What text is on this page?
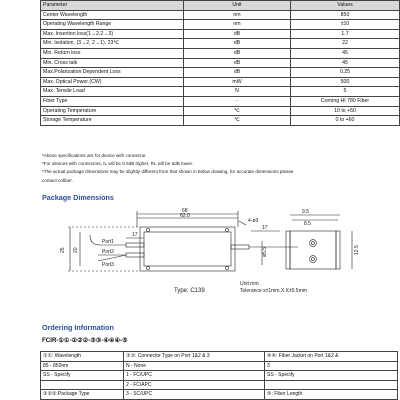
Parameter	Unit	Values
Center Wavelength	nm	850
Operating Wavelength Range	nm	±10
Max. Insertion loss(1→2,2→3)	dB	1.7
Min. Isolation, (3→2, 2→1), 23℃	dB	22
Min. Return loss	dB	45
Min. Cross talk	dB	45
Max.Polarization Dependent Loss	dB	0.25
Max. Optical Power (CW)	mW	500
Max. Tensile Load	N	5
Fiber Type	-	Corning HI 780 Fiber
Operating Temperature	℃	10 to +50
Storage Temperature	℃	0 to +60
*Above specifications are for device with connector.
*For devices with connectors, IL will be 0.5dB higher, RL will be 5dB lower.
*The actual package dimensions may be slightly different from that shown in below drawing, for accurate dimensions please
contact cofiber.
Package Dimensions
68
62.0
25 20
17
4-ø3
17
ø5.5
Port1
Port2
Port3
9.5
8.5
12.5
Type: C139
Unit:mm
Tolerance:x±1mm,X.X±0.5mm
Ordering Information
FCIR-①①-②②②-③③-④④④-⑤
①①: Wavelength	③③: Connector Type on Port 1&2 & 3	④④: Fiber Jacket on Port 1&2 &
85 - 850nm	N - None	3
SS - Specify	1 - FC/UPC	SS - Specify
	2 - FC/APC	
②②②:Package Type	3 - SC/UPC	⑤: Fiber Length
